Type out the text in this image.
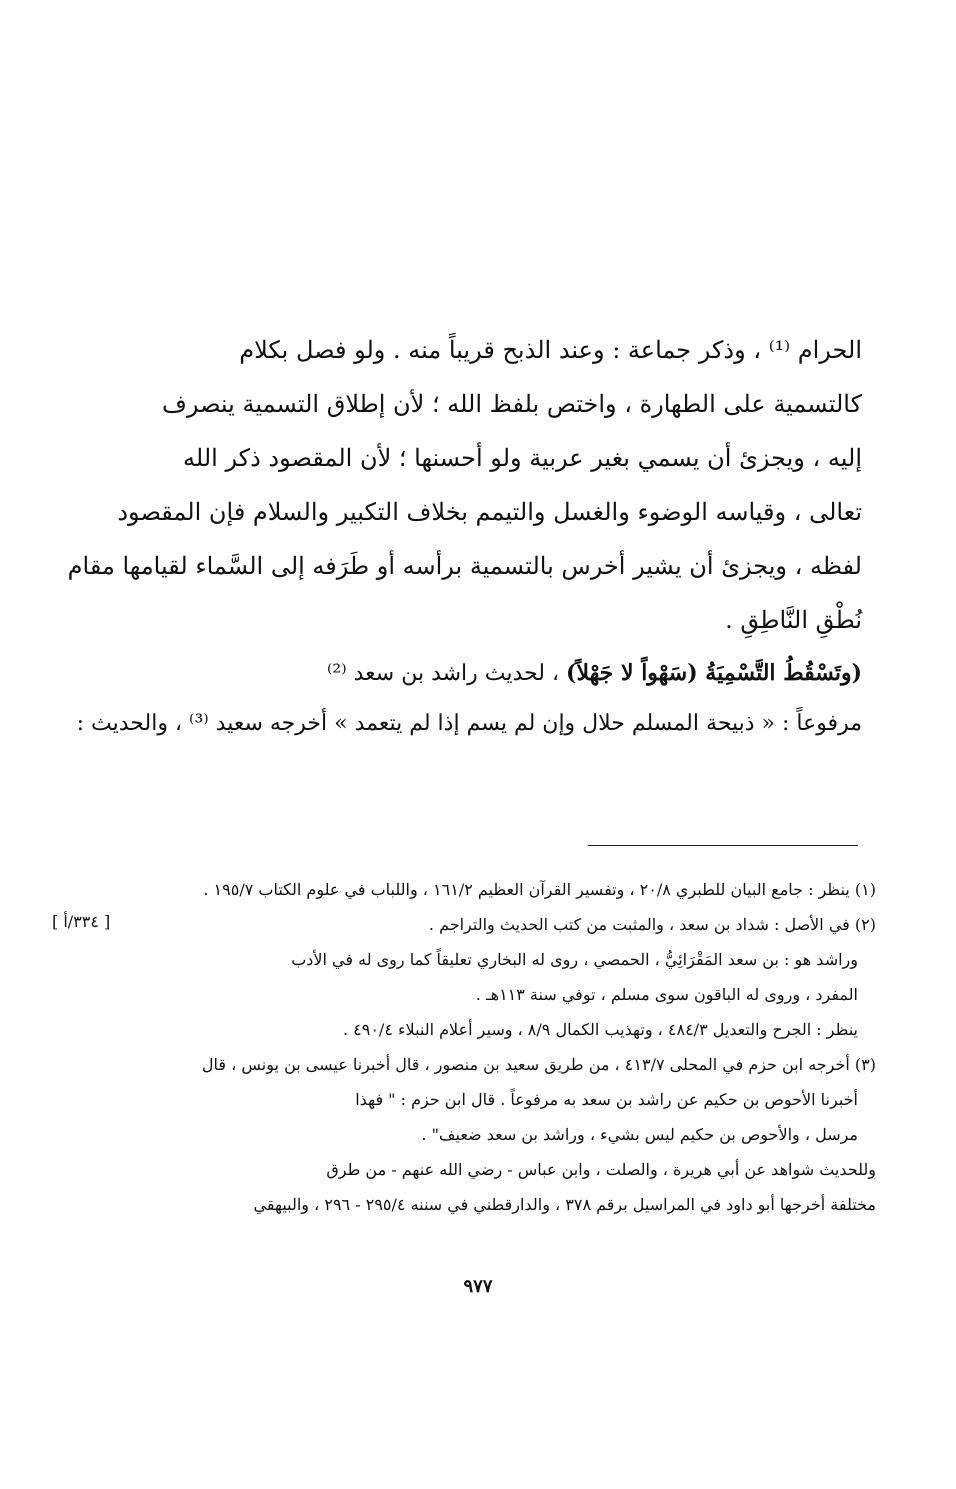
الحرام ⁽¹⁾ ، وذكر جماعة : وعند الذبح قريباً منه . ولو فصل بكلام
كالتسمية على الطهارة ، واختص بلفظ الله ؛ لأن إطلاق التسمية ينصرف
إليه ، ويجزئ أن يسمي بغير عربية ولو أحسنها ؛ لأن المقصود ذكر الله
تعالى ، وقياسه الوضوء والغسل والتيمم بخلاف التكبير والسلام فإن المقصود
لفظه ، ويجزئ أن يشير أخرس بالتسمية برأسه أو طَرَفه إلى السَّماء لقيامها مقام
نُطْقِ النَّاطِقِ .
(وتَسْقُطُ التَّسْمِيَةُ (سَهْواً لا جَهْلاً) ، لحديث راشد بن سعد ⁽²⁾
مرفوعاً : « ذبيحة المسلم حلال وإن لم يسم إذا لم يتعمد » أخرجه سعيد ⁽³⁾ ، والحديث :
[ ٣٣٤/أ ]
(١) ينظر : جامع البيان للطبري ٢٠/٨ ، وتفسير القرآن العظيم ١٦١/٢ ، واللباب في علوم الكتاب ١٩٥/٧ .
(٢) في الأصل : شداد بن سعد ، والمثبت من كتب الحديث والتراجم .
وراشد هو : بن سعد المَقْرَائِيُّ ، الحمصي ، روى له البخاري تعليقاً كما روى له في الأدب
المفرد ، وروى له الباقون سوى مسلم ، توفي سنة ١١٣هـ .
ينظر : الجرح والتعديل ٤٨٤/٣ ، وتهذيب الكمال ٨/٩ ، وسير أعلام النبلاء ٤٩٠/٤ .
(٣) أخرجه ابن حزم في المحلى ٤١٣/٧ ، من طريق سعيد بن منصور ، قال أخبرنا عيسى بن يونس ، قال
أخبرنا الأحوص بن حكيم عن راشد بن سعد به مرفوعاً . قال ابن حزم : " فهذا
مرسل ، والأحوص بن حكيم ليس بشيء ، وراشد بن سعد ضعيف" .
وللحديث شواهد عن أبي هريرة ، والصلت ، وابن عباس - رضي الله عنهم - من طرق
مختلفة أخرجها أبو داود في المراسيل برقم ٣٧٨ ، والدارقطني في سننه ٢٩٥/٤ - ٢٩٦ ، والبيهقي
٩٧٧
